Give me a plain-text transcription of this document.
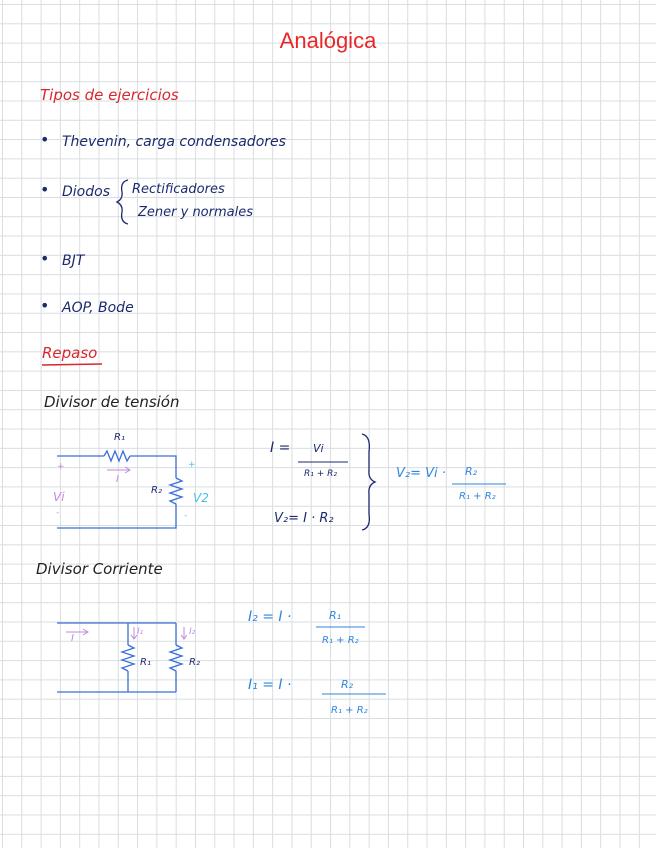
Analógica
Tipos de ejercicios
• Thevenin, carga condensadores
• Diodos Rectificadores
Zener y normales
• BJT
• AOP, Bode
Repaso
Divisor de tensión
R₁
I
R₂
Vi
+
-
+
-
V2
I = Vi
R₁ + R₂
V₂= I · R₂
V₂= Vi · R₂
R₁ + R₂
Divisor Corriente
I
I₁	I₂
R₁	R₂
I₂ = I ·	R₁
R₁ + R₂
I₁ = I ·	R₂
R₁ + R₂
